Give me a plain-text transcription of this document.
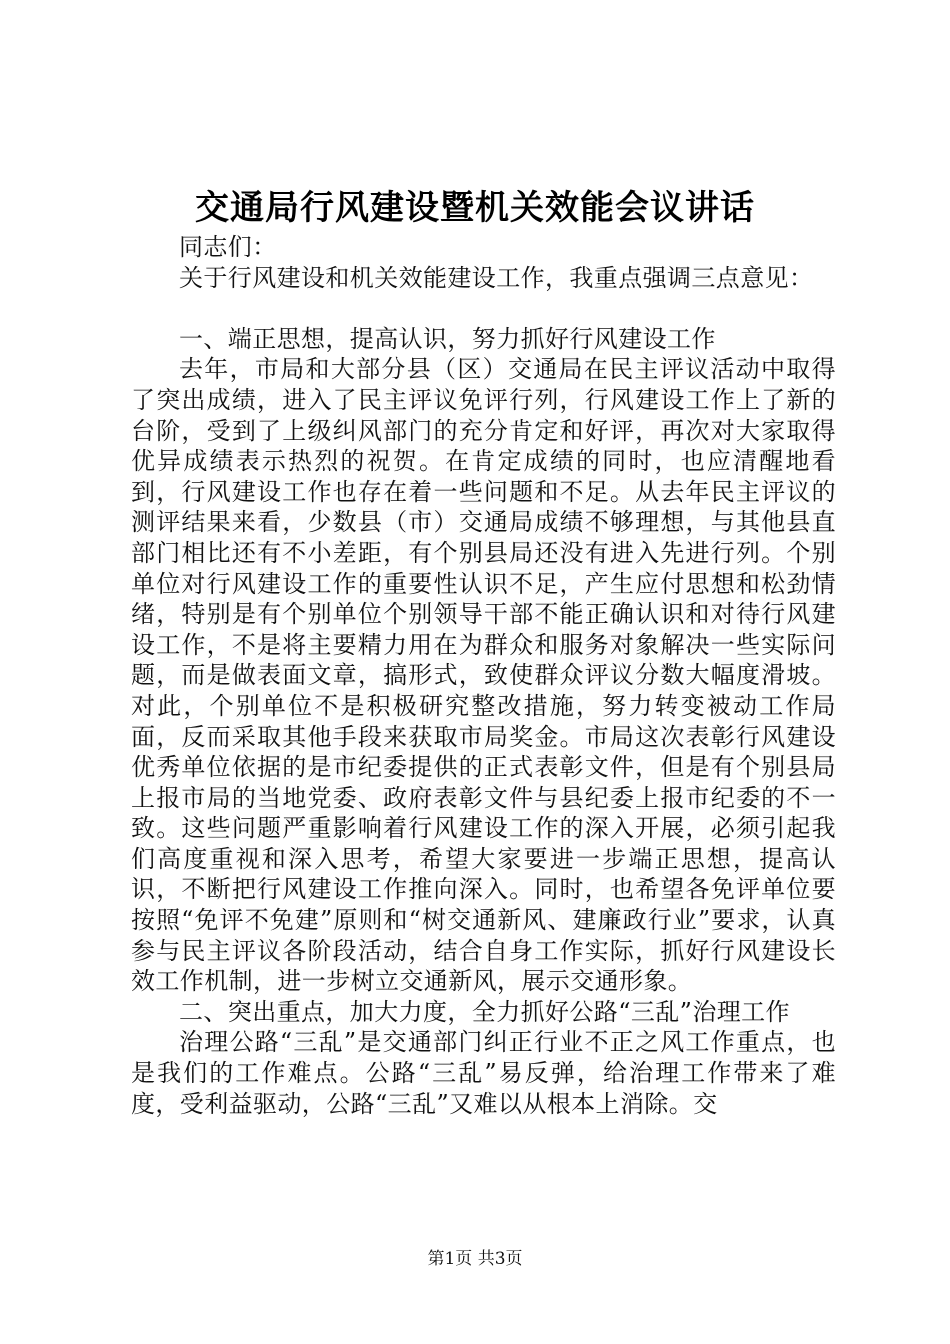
交通局行风建设暨机关效能会议讲话

同志们：

关于行风建设和机关效能建设工作，我重点强调三点意见：

一、端正思想，提高认识，努力抓好行风建设工作

去年，市局和大部分县（区）交通局在民主评议活动中取得了突出成绩，进入了民主评议免评行列，行风建设工作上了新的台阶，受到了上级纠风部门的充分肯定和好评，再次对大家取得优异成绩表示热烈的祝贺。在肯定成绩的同时，也应清醒地看到，行风建设工作也存在着一些问题和不足。从去年民主评议的测评结果来看，少数县（市）交通局成绩不够理想，与其他县直部门相比还有不小差距，有个别县局还没有进入先进行列。个别单位对行风建设工作的重要性认识不足，产生应付思想和松劲情绪，特别是有个别单位个别领导干部不能正确认识和对待行风建设工作，不是将主要精力用在为群众和服务对象解决一些实际问题，而是做表面文章，搞形式，致使群众评议分数大幅度滑坡。对此，个别单位不是积极研究整改措施，努力转变被动工作局面，反而采取其他手段来获取市局奖金。市局这次表彰行风建设优秀单位依据的是市纪委提供的正式表彰文件，但是有个别县局上报市局的当地党委、政府表彰文件与县纪委上报市纪委的不一致。这些问题严重影响着行风建设工作的深入开展，必须引起我们高度重视和深入思考，希望大家要进一步端正思想，提高认识，不断把行风建设工作推向深入。同时，也希望各免评单位要按照“免评不免建”原则和“树交通新风、建廉政行业”要求，认真参与民主评议各阶段活动，结合自身工作实际，抓好行风建设长效工作机制，进一步树立交通新风，展示交通形象。

二、突出重点，加大力度，全力抓好公路“三乱”治理工作

治理公路“三乱”是交通部门纠正行业不正之风工作重点，也是我们的工作难点。公路“三乱”易反弹，给治理工作带来了难度，受利益驱动，公路“三乱”又难以从根本上消除。交

第1页 共3页
